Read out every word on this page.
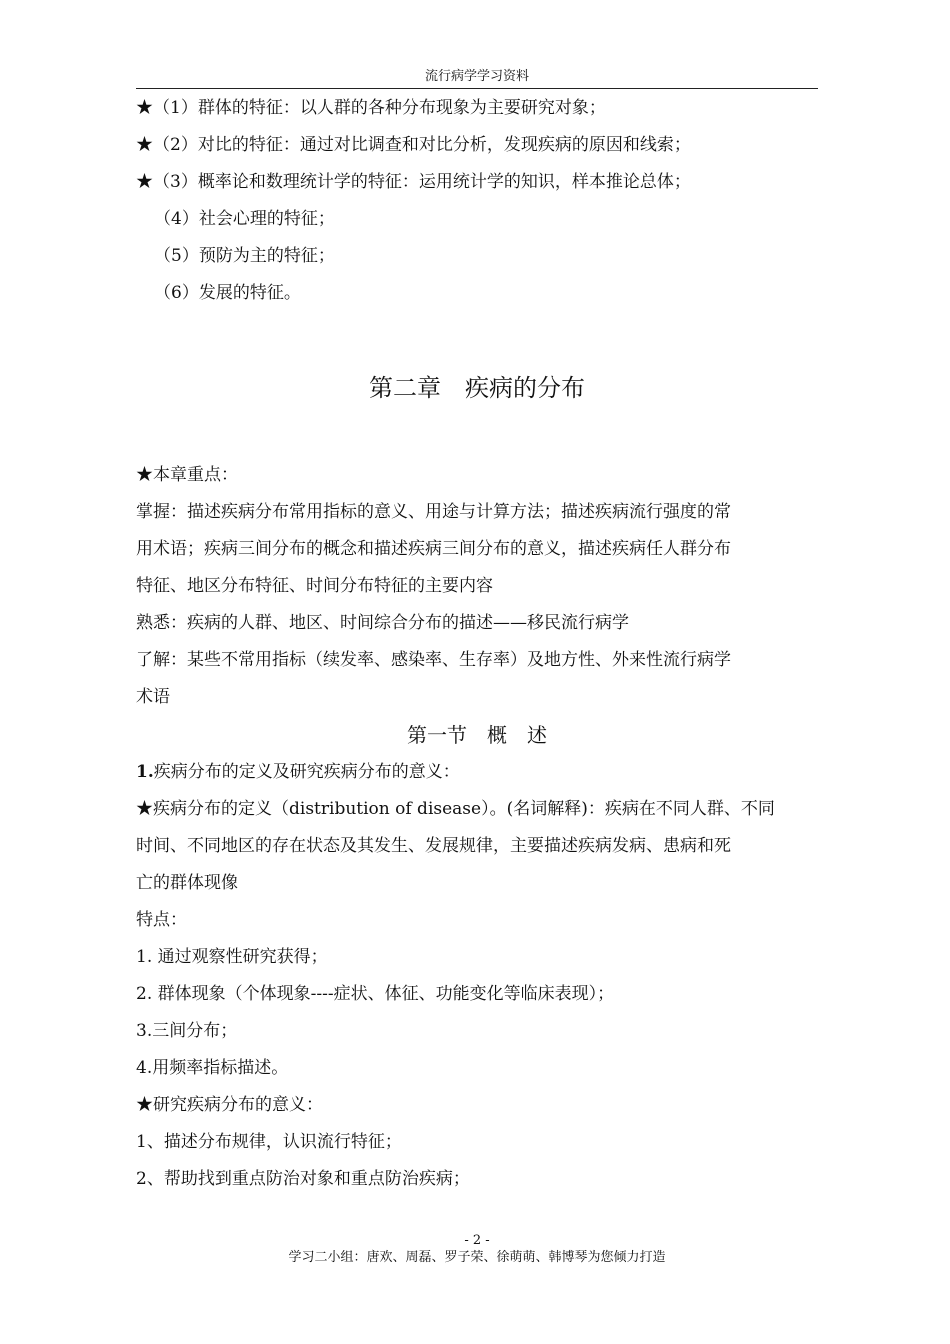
流行病学学习资料
★（1）群体的特征：以人群的各种分布现象为主要研究对象；
★（2）对比的特征：通过对比调查和对比分析，发现疾病的原因和线索；
★（3）概率论和数理统计学的特征：运用统计学的知识，样本推论总体；
（4）社会心理的特征；
（5）预防为主的特征；
（6）发展的特征。
第二章　疾病的分布
★本章重点：
掌握：描述疾病分布常用指标的意义、用途与计算方法；描述疾病流行强度的常
用术语；疾病三间分布的概念和描述疾病三间分布的意义，描述疾病任人群分布
特征、地区分布特征、时间分布特征的主要内容
熟悉：疾病的人群、地区、时间综合分布的描述——移民流行病学
了解：某些不常用指标（续发率、感染率、生存率）及地方性、外来性流行病学
术语
第一节　概　述
1.疾病分布的定义及研究疾病分布的意义：
★疾病分布的定义（distribution of disease）。(名词解释)：疾病在不同人群、不同
时间、不同地区的存在状态及其发生、发展规律，主要描述疾病发病、患病和死
亡的群体现像
特点：
1. 通过观察性研究获得；
2. 群体现象（个体现象----症状、体征、功能变化等临床表现）；
3.三间分布；
4.用频率指标描述。
★研究疾病分布的意义：
1、描述分布规律，认识流行特征；
2、帮助找到重点防治对象和重点防治疾病；
- 2 -
学习二小组：唐欢、周磊、罗子荣、徐萌萌、韩博琴为您倾力打造
